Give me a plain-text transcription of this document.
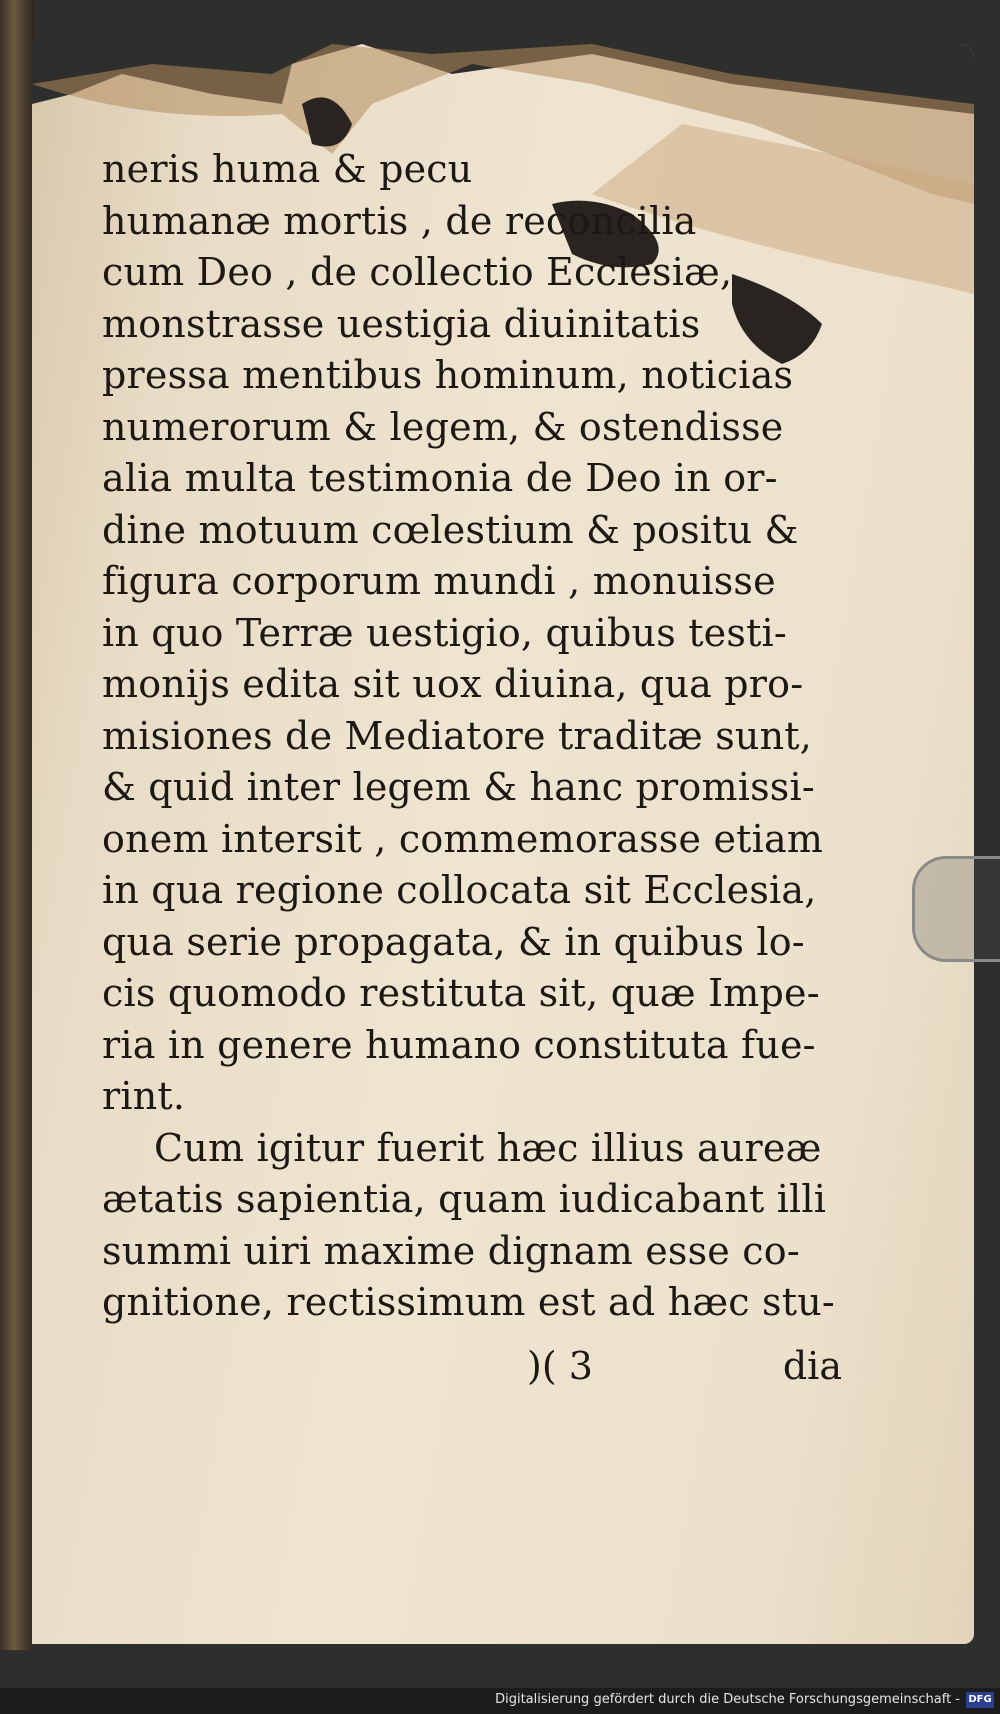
neris huma & pecu
humanæ mortis , de reconcilia
cum Deo , de collectio Ecclesiæ,
monstrasse uestigia diuinitatis
pressa mentibus hominum, noticias
numerorum & legem, & ostendisse
alia multa testimonia de Deo in or-
dine motuum cœlestium & positu &
figura corporum mundi , monuisse
in quo Terræ uestigio, quibus testi-
monijs edita sit uox diuina, qua pro-
misiones de Mediatore traditæ sunt,
& quid inter legem & hanc promissi-
onem intersit , commemorasse etiam
in qua regione collocata sit Ecclesia,
qua serie propagata, & in quibus lo-
cis quomodo restituta sit, quæ Impe-
ria in genere humano constituta fue-
rint.
Cum igitur fuerit hæc illius aureæ
ætatis sapientia, quam iudicabant illi
summi uiri maxime dignam esse co-
gnitione, rectissimum est ad hæc stu-
)( 3	dia
Digitalisierung gefördert durch die Deutsche Forschungsgemeinschaft - DFG
